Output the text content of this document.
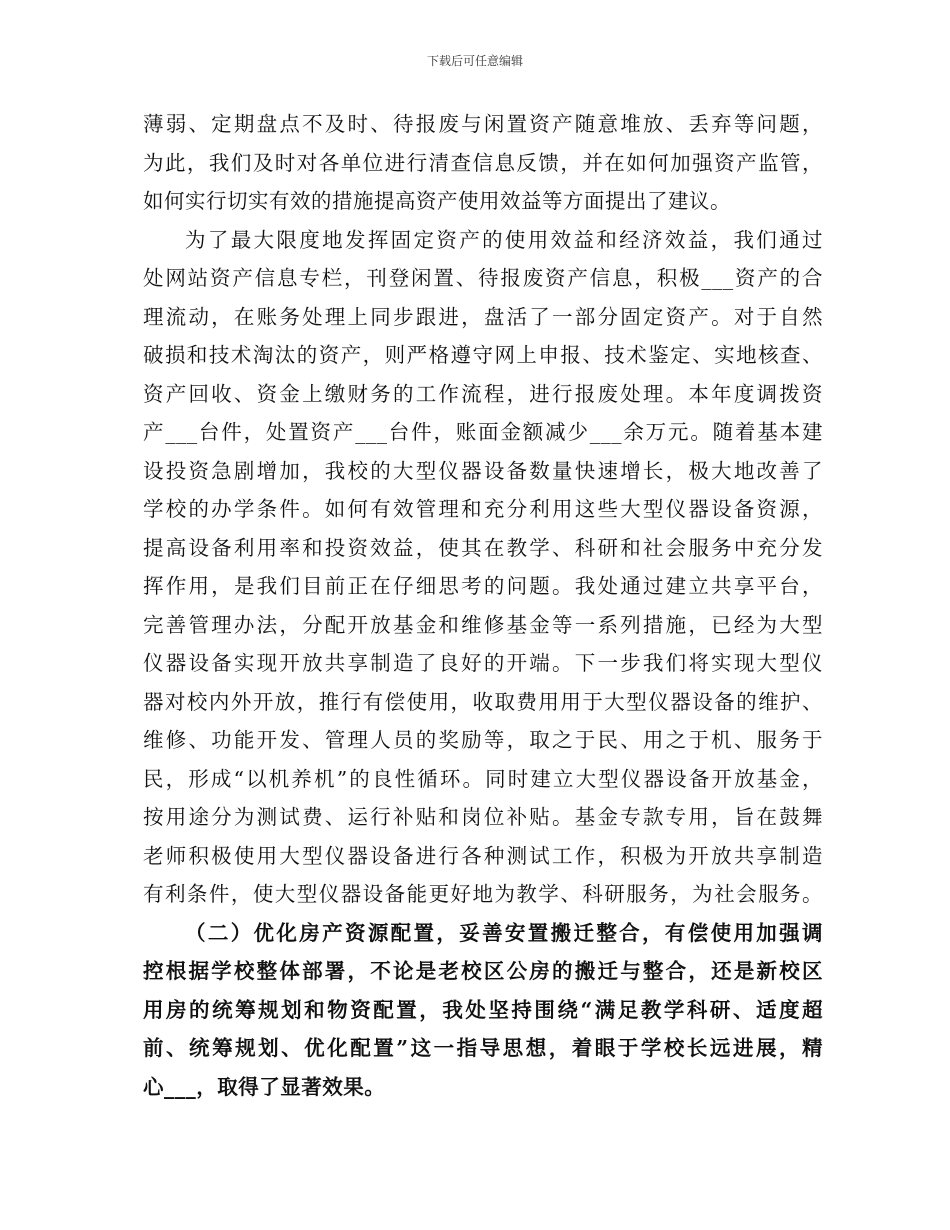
下载后可任意编辑
薄弱、定期盘点不及时、待报废与闲置资产随意堆放、丢弃等问题，
为此，我们及时对各单位进行清查信息反馈，并在如何加强资产监管，
如何实行切实有效的措施提高资产使用效益等方面提出了建议。
为了最大限度地发挥固定资产的使用效益和经济效益，我们通过
处网站资产信息专栏，刊登闲置、待报废资产信息，积极___资产的合
理流动，在账务处理上同步跟进，盘活了一部分固定资产。对于自然
破损和技术淘汰的资产，则严格遵守网上申报、技术鉴定、实地核查、
资产回收、资金上缴财务的工作流程，进行报废处理。本年度调拨资
产___台件，处置资产___台件，账面金额减少___余万元。随着基本建
设投资急剧增加，我校的大型仪器设备数量快速增长，极大地改善了
学校的办学条件。如何有效管理和充分利用这些大型仪器设备资源，
提高设备利用率和投资效益，使其在教学、科研和社会服务中充分发
挥作用，是我们目前正在仔细思考的问题。我处通过建立共享平台，
完善管理办法，分配开放基金和维修基金等一系列措施，已经为大型
仪器设备实现开放共享制造了良好的开端。下一步我们将实现大型仪
器对校内外开放，推行有偿使用，收取费用用于大型仪器设备的维护、
维修、功能开发、管理人员的奖励等，取之于民、用之于机、服务于
民，形成“以机养机”的良性循环。同时建立大型仪器设备开放基金，
按用途分为测试费、运行补贴和岗位补贴。基金专款专用，旨在鼓舞
老师积极使用大型仪器设备进行各种测试工作，积极为开放共享制造
有利条件，使大型仪器设备能更好地为教学、科研服务，为社会服务。
（二）优化房产资源配置，妥善安置搬迁整合，有偿使用加强调
控根据学校整体部署，不论是老校区公房的搬迁与整合，还是新校区
用房的统筹规划和物资配置，我处坚持围绕“满足教学科研、适度超
前、统筹规划、优化配置”这一指导思想，着眼于学校长远进展，精
心___，取得了显著效果。
